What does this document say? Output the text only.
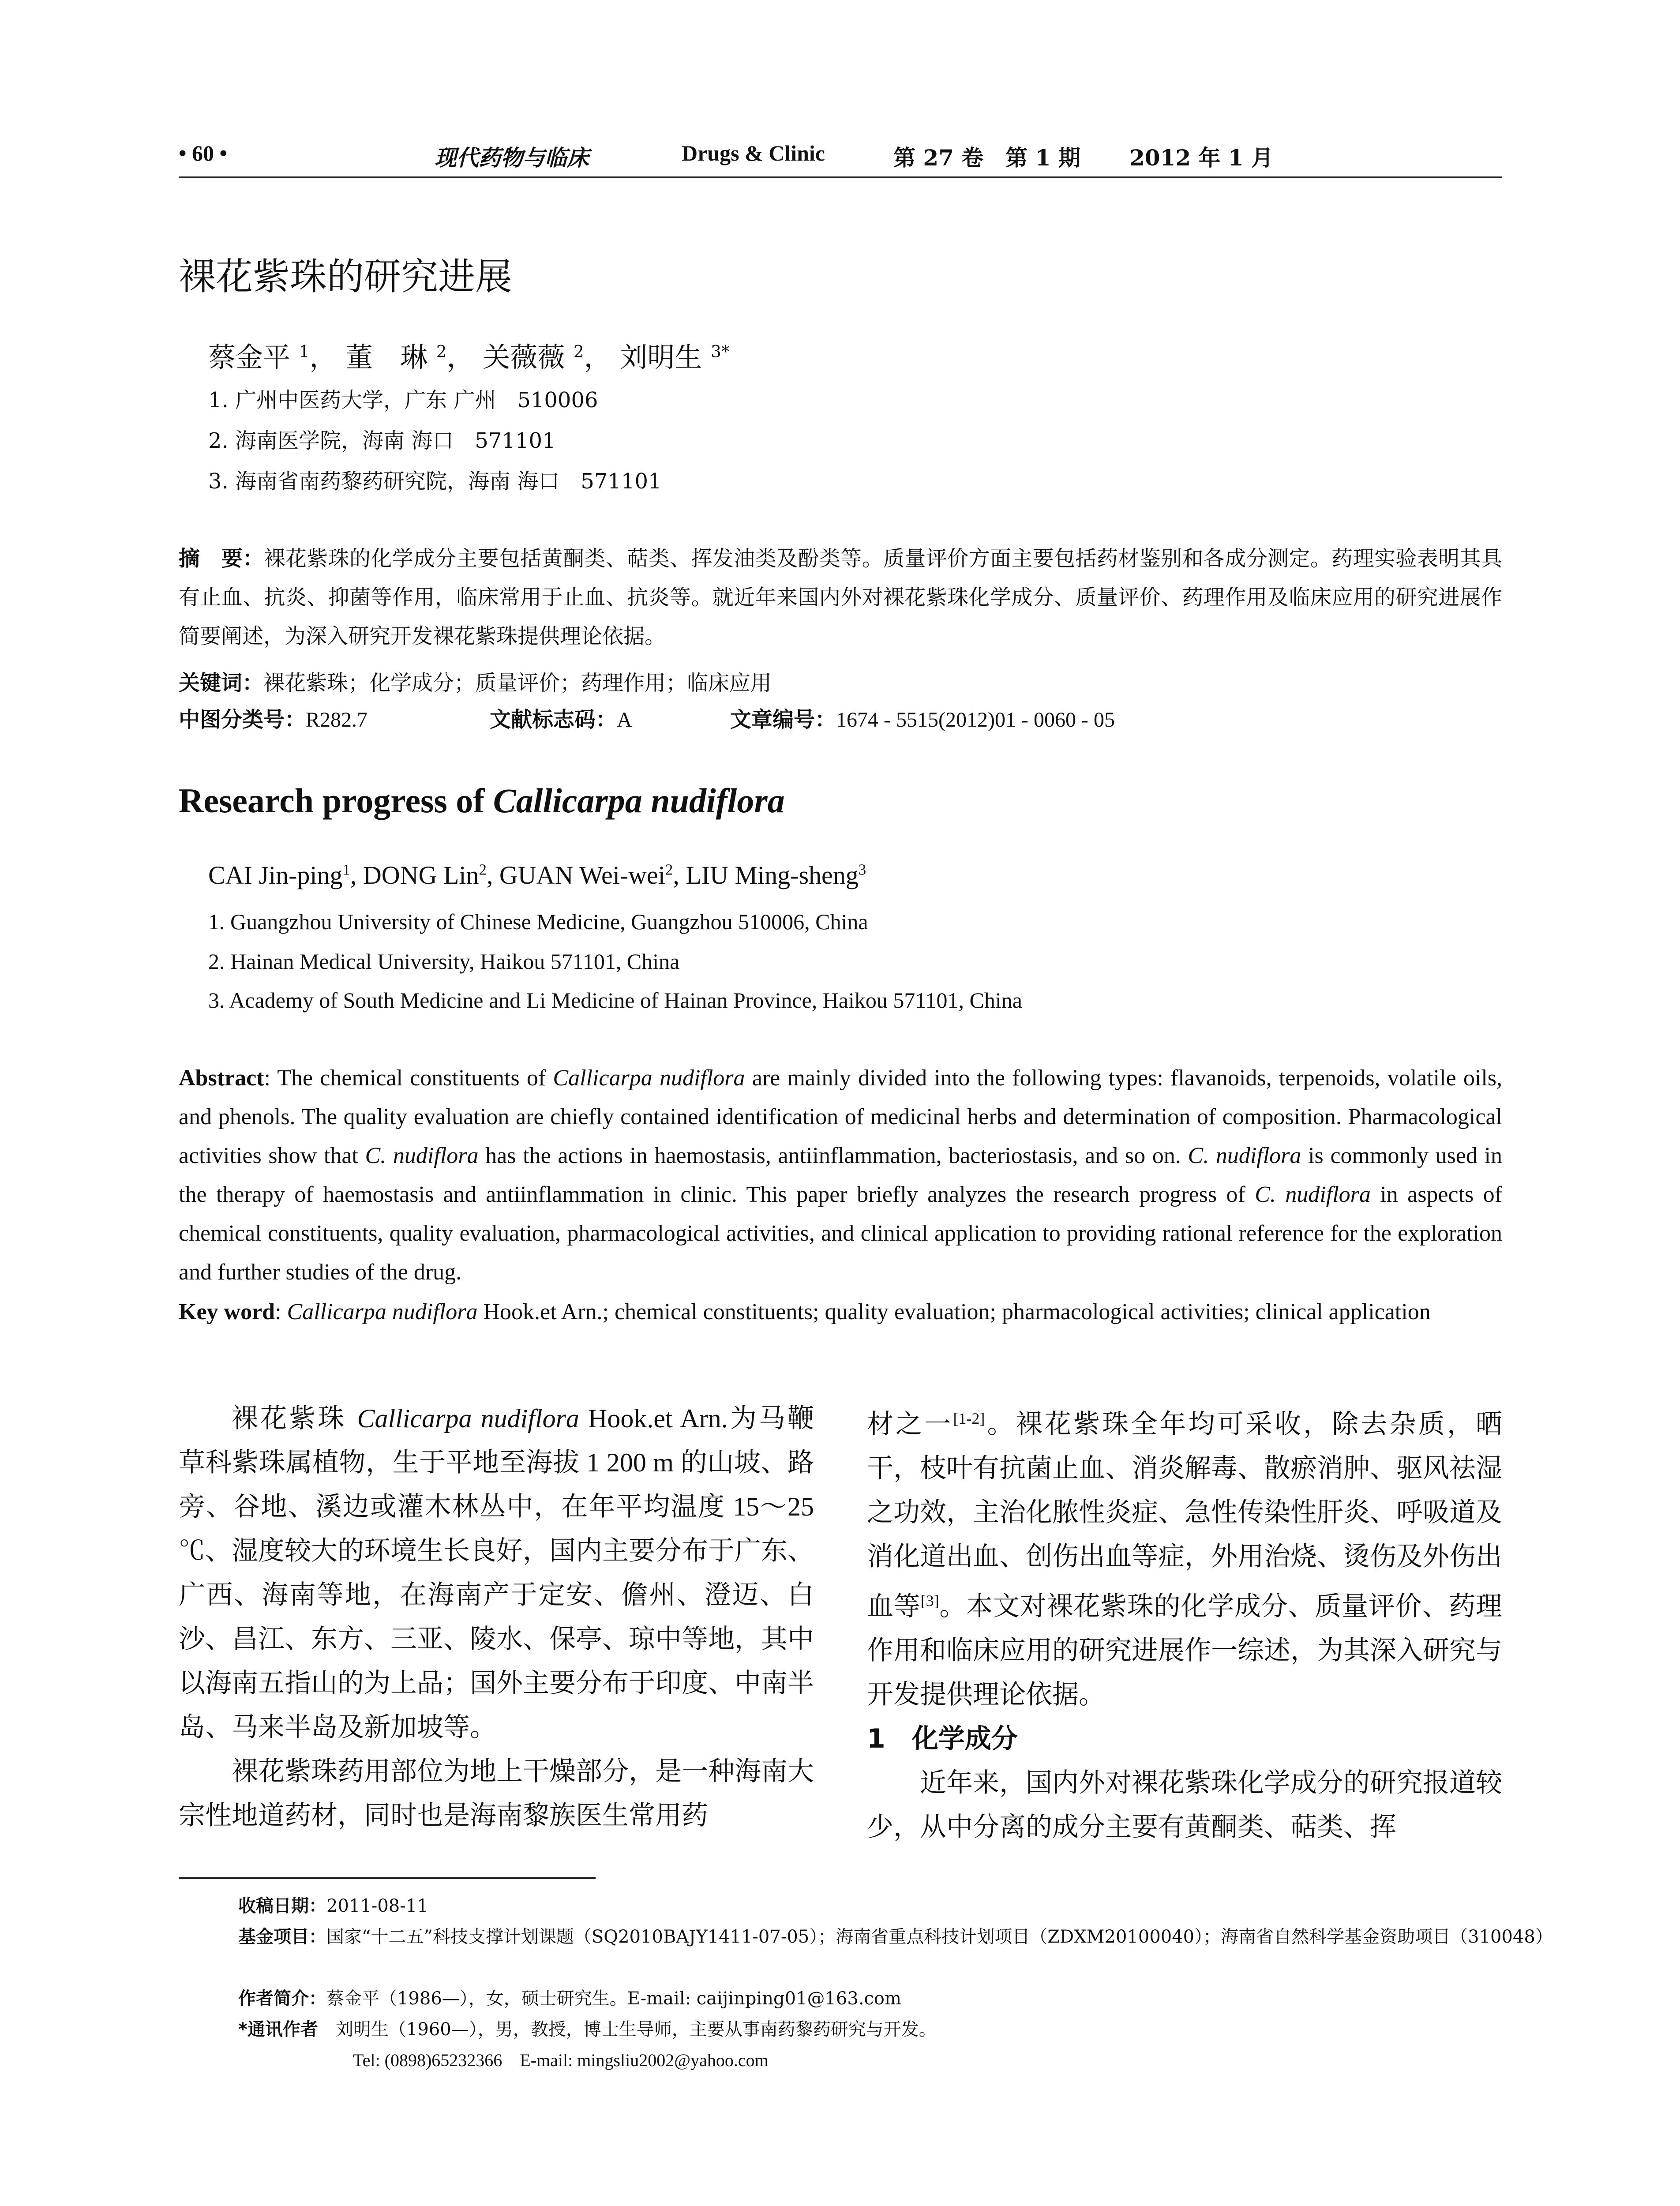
• 60 •	现代药物与临床	Drugs & Clinic	第 27 卷　第 1 期 2012 年 1 月
裸花紫珠的研究进展
蔡金平 $^1$， 董　琳 $^2$， 关薇薇 $^2$， 刘明生 $^{3*}$
1. 广州中医药大学，广东 广州　510006
2. 海南医学院，海南 海口　571101
3. 海南省南药黎药研究院，海南 海口　571101

摘　要：裸花紫珠的化学成分主要包括黄酮类、萜类、挥发油类及酚类等。质量评价方面主要包括药材鉴别和各成分测定。药理实验表明其具有止血、抗炎、抑菌等作用，临床常用于止血、抗炎等。就近年来国内外对裸花紫珠化学成分、质量评价、药理作用及临床应用的研究进展作简要阐述，为深入研究开发裸花紫珠提供理论依据。

关键词：裸花紫珠；化学成分；质量评价；药理作用；临床应用

中图分类号：R282.7	文献标志码：A	文章编号：1674 - 5515(2012)01 - 0060 - 05
Research progress of Callicarpa nudiflora
CAI Jin-ping$^1$, DONG Lin$^2$, GUAN Wei-wei$^2$, LIU Ming-sheng$^3$
1. Guangzhou University of Chinese Medicine, Guangzhou 510006, China
2. Hainan Medical University, Haikou 571101, China
3. Academy of South Medicine and Li Medicine of Hainan Province, Haikou 571101, China

Abstract: The chemical constituents of Callicarpa nudiflora are mainly divided into the following types: flavanoids, terpenoids, volatile oils, and phenols. The quality evaluation are chiefly contained identification of medicinal herbs and determination of composition. Pharmacological activities show that C. nudiflora has the actions in haemostasis, antiinflammation, bacteriostasis, and so on. C. nudiflora is commonly used in the therapy of haemostasis and antiinflammation in clinic. This paper briefly analyzes the research progress of C. nudiflora in aspects of chemical constituents, quality evaluation, pharmacological activities, and clinical application to providing rational reference for the exploration and further studies of the drug.

Key word: Callicarpa nudiflora Hook.et Arn.; chemical constituents; quality evaluation; pharmacological activities; clinical application

裸花紫珠 Callicarpa nudiflora Hook.et Arn.为马鞭草科紫珠属植物，生于平地至海拔 1 200 m 的山坡、路旁、谷地、溪边或灌木林丛中，在年平均温度 15～25 ℃、湿度较大的环境生长良好，国内主要分布于广东、广西、海南等地，在海南产于定安、儋州、澄迈、白沙、昌江、东方、三亚、陵水、保亭、琼中等地，其中以海南五指山的为上品；国外主要分布于印度、中南半岛、马来半岛及新加坡等。

裸花紫珠药用部位为地上干燥部分，是一种海南大宗性地道药材，同时也是海南黎族医生常用药

材之一[1-2]。裸花紫珠全年均可采收，除去杂质，晒干，枝叶有抗菌止血、消炎解毒、散瘀消肿、驱风祛湿之功效，主治化脓性炎症、急性传染性肝炎、呼吸道及消化道出血、创伤出血等症，外用治烧、烫伤及外伤出血等[3]。本文对裸花紫珠的化学成分、质量评价、药理作用和临床应用的研究进展作一综述，为其深入研究与开发提供理论依据。

1　化学成分

近年来，国内外对裸花紫珠化学成分的研究报道较少，从中分离的成分主要有黄酮类、萜类、挥

收稿日期：2011-08-11

基金项目：国家“十二五”科技支撑计划课题（SQ2010BAJY1411-07-05）；海南省重点科技计划项目（ZDXM20100040）；海南省自然科学基金资助项目（310048）

作者简介：蔡金平（1986—），女，硕士研究生。E-mail: caijinping01@163.com

*通讯作者　 刘明生（1960—），男，教授，博士生导师，主要从事南药黎药研究与开发。

Tel: (0898)65232366　E-mail: mingsliu2002@yahoo.com
